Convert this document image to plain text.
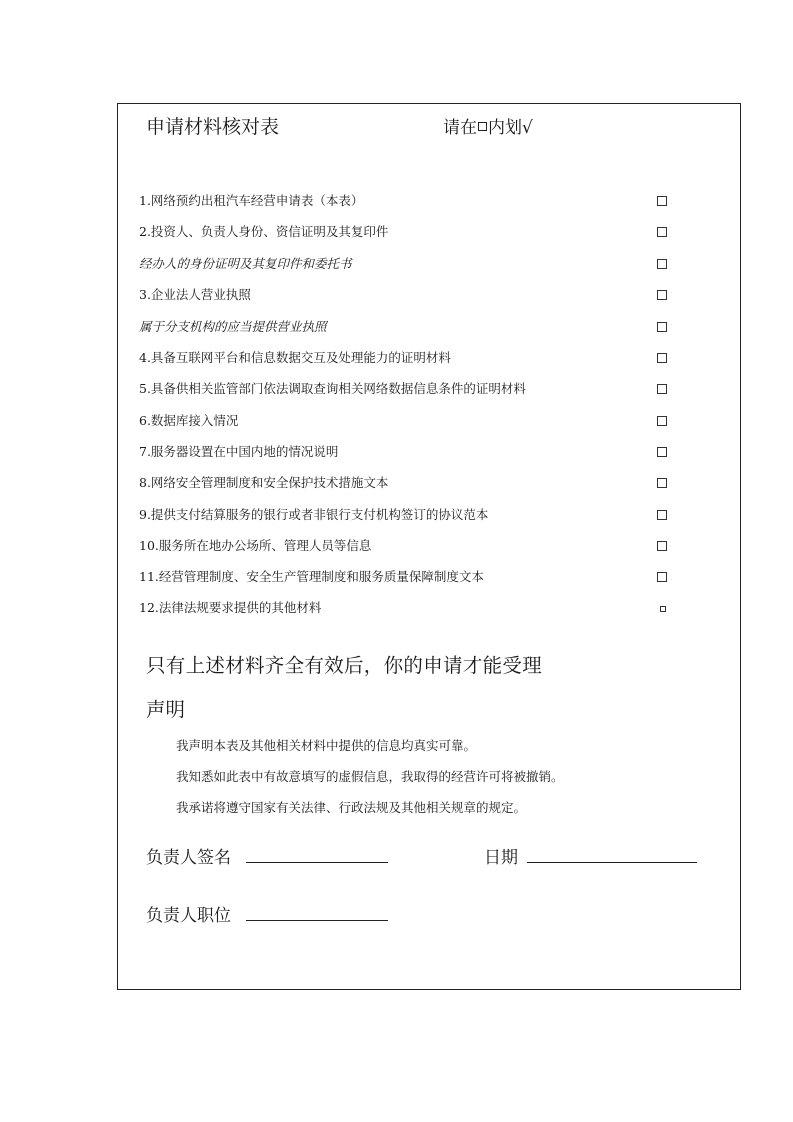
申请材料核对表	请在 内划√
1.网络预约出租汽车经营申请表（本表）
2.投资人、负责人身份、资信证明及其复印件
经办人的身份证明及其复印件和委托书
3.企业法人营业执照
属于分支机构的应当提供营业执照
4.具备互联网平台和信息数据交互及处理能力的证明材料
5.具备供相关监管部门依法调取查询相关网络数据信息条件的证明材料
6.数据库接入情况
7.服务器设置在中国内地的情况说明
8.网络安全管理制度和安全保护技术措施文本
9.提供支付结算服务的银行或者非银行支付机构签订的协议范本
10.服务所在地办公场所、管理人员等信息
11.经营管理制度、安全生产管理制度和服务质量保障制度文本
12.法律法规要求提供的其他材料
只有上述材料齐全有效后，你的申请才能受理
声明
我声明本表及其他相关材料中提供的信息均真实可靠。
我知悉如此表中有故意填写的虚假信息，我取得的经营许可将被撤销。
我承诺将遵守国家有关法律、行政法规及其他相关规章的规定。
负责人签名	日期
负责人职位
